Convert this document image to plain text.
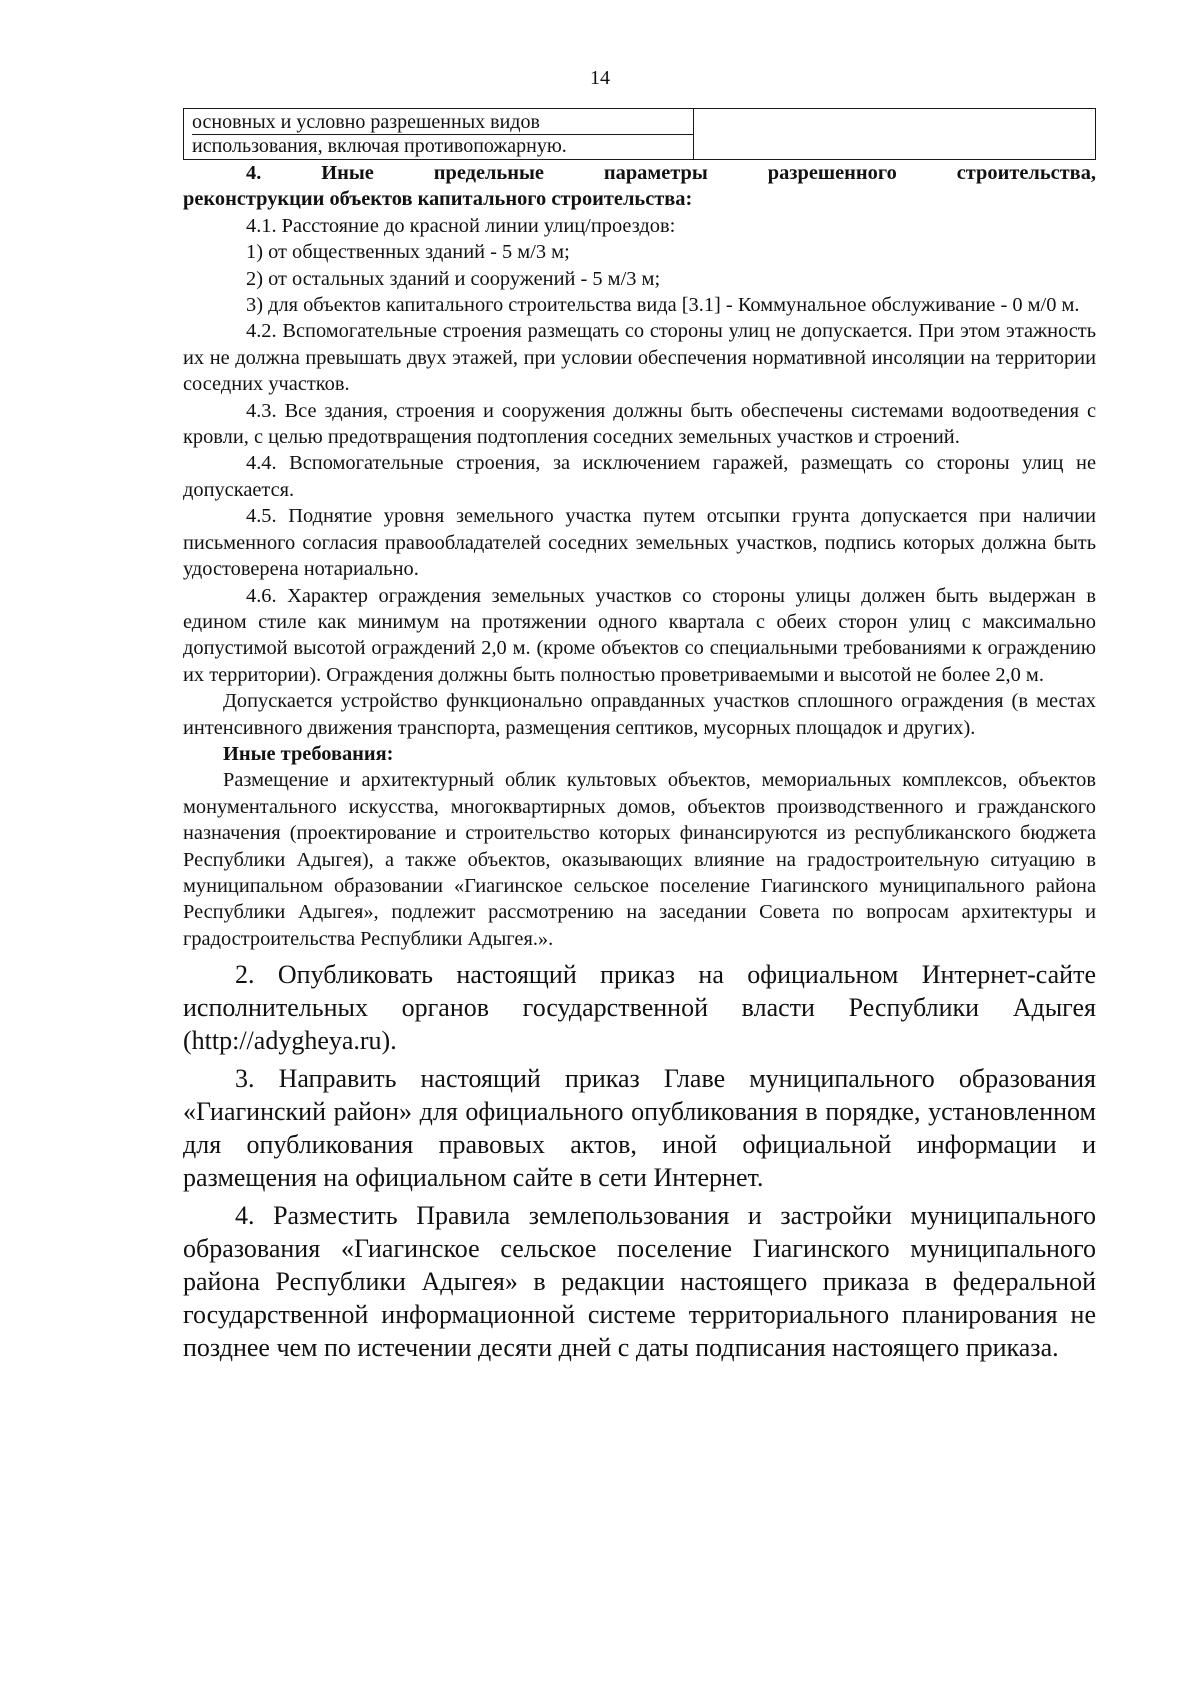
14
основных и условно разрешенных видов
использования, включая противопожарную.	

4. Иные предельные параметры разрешенного строительства,

реконструкции объектов капитального строительства:

4.1. Расстояние до красной линии улиц/проездов:

1) от общественных зданий - 5 м/3 м;

2) от остальных зданий и сооружений - 5 м/3 м;

3) для объектов капитального строительства вида [3.1] - Коммунальное обслуживание - 0 м/0 м.

4.2. Вспомогательные строения размещать со стороны улиц не допускается. При этом этажность их не должна превышать двух этажей, при условии обеспечения нормативной инсоляции на территории соседних участков.

4.3. Все здания, строения и сооружения должны быть обеспечены системами водоотведения с кровли, с целью предотвращения подтопления соседних земельных участков и строений.

4.4. Вспомогательные строения, за исключением гаражей, размещать со стороны улиц не допускается.

4.5. Поднятие уровня земельного участка путем отсыпки грунта допускается при наличии письменного согласия правообладателей соседних земельных участков, подпись которых должна быть удостоверена нотариально.

4.6. Характер ограждения земельных участков со стороны улицы должен быть выдержан в едином стиле как минимум на протяжении одного квартала с обеих сторон улиц с максимально допустимой высотой ограждений 2,0 м. (кроме объектов со специальными требованиями к ограждению их территории). Ограждения должны быть полностью проветриваемыми и высотой не более 2,0 м.

Допускается устройство функционально оправданных участков сплошного ограждения (в местах интенсивного движения транспорта, размещения септиков, мусорных площадок и других).

Иные требования:

Размещение и архитектурный облик культовых объектов, мемориальных комплексов, объектов монументального искусства, многоквартирных домов, объектов производственного и гражданского назначения (проектирование и строительство которых финансируются из республиканского бюджета Республики Адыгея), а также объектов, оказывающих влияние на градостроительную ситуацию в муниципальном образовании «Гиагинское сельское поселение Гиагинского муниципального района Республики Адыгея», подлежит рассмотрению на заседании Совета по вопросам архитектуры и градостроительства Республики Адыгея.».

2. Опубликовать настоящий приказ на официальном Интернет-сайте исполнительных органов государственной власти Республики Адыгея (http://adygheya.ru).

3. Направить настоящий приказ Главе муниципального образования «Гиагинский район» для официального опубликования в порядке, установленном для опубликования правовых актов, иной официальной информации и размещения на официальном сайте в сети Интернет.

4. Разместить Правила землепользования и застройки муниципального образования «Гиагинское сельское поселение Гиагинского муниципального района Республики Адыгея» в редакции настоящего приказа в федеральной государственной информационной системе территориального планирования не позднее чем по истечении десяти дней с даты подписания настоящего приказа.
